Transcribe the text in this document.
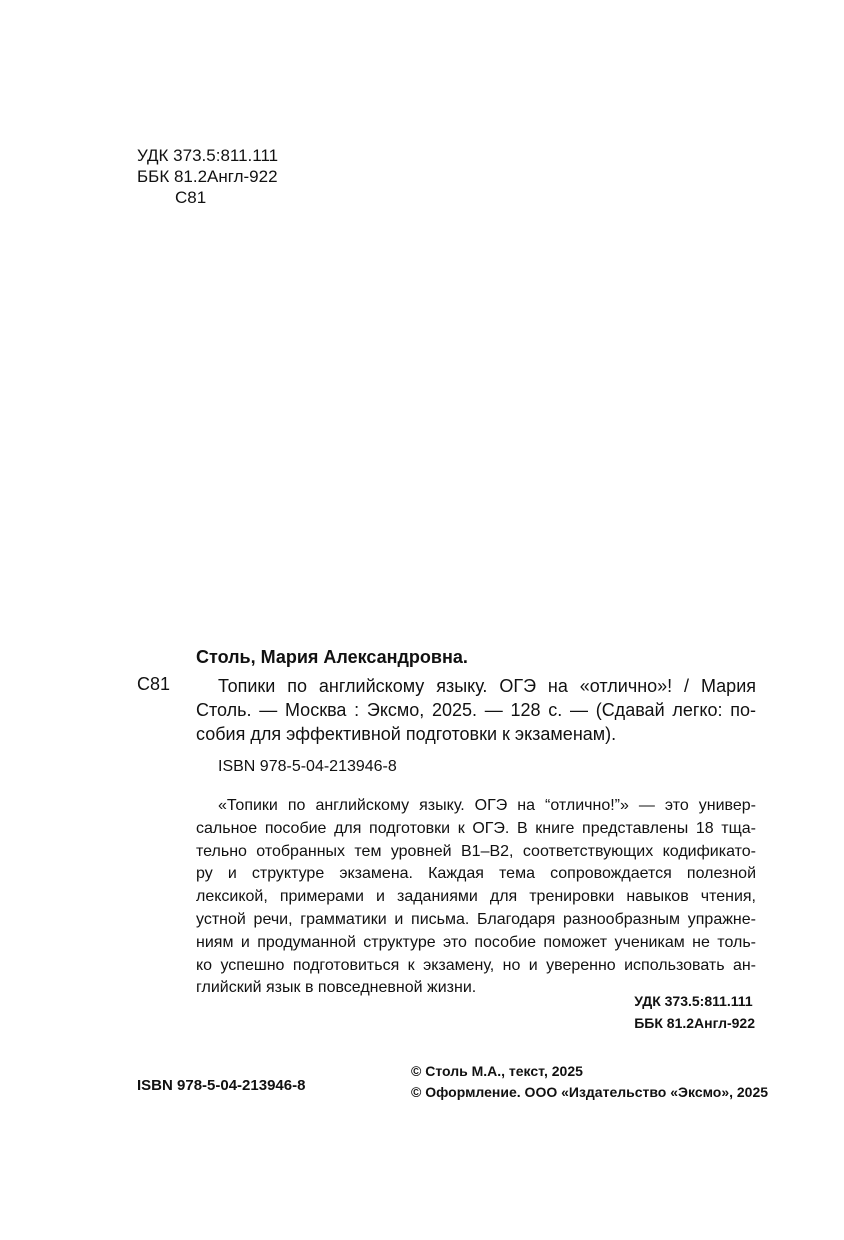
УДК 373.5:811.111
ББК 81.2Англ-922
С81
Столь, Мария Александровна.
С81	Топики по английскому языку. ОГЭ на «отлично»! / Мария
Столь. — Москва : Эксмо, 2025. — 128 с. — (Сдавай легко: по-
собия для эффективной подготовки к экзаменам).
ISBN 978-5-04-213946-8
«Топики по английскому языку. ОГЭ на “отлично!”» — это универ-
сальное пособие для подготовки к ОГЭ. В книге представлены 18 тща-
тельно отобранных тем уровней B1–B2, соответствующих кодификато-
ру и структуре экзамена. Каждая тема сопровождается полезной
лексикой, примерами и заданиями для тренировки навыков чтения,
устной речи, грамматики и письма. Благодаря разнообразным упражне-
ниям и продуманной структуре это пособие поможет ученикам не толь-
ко успешно подготовиться к экзамену, но и уверенно использовать ан-
глийский язык в повседневной жизни.
УДК 373.5:811.111
ББК 81.2Англ-922
ISBN 978-5-04-213946-8
© Столь М.А., текст, 2025
© Оформление. ООО «Издательство «Эксмо», 2025
